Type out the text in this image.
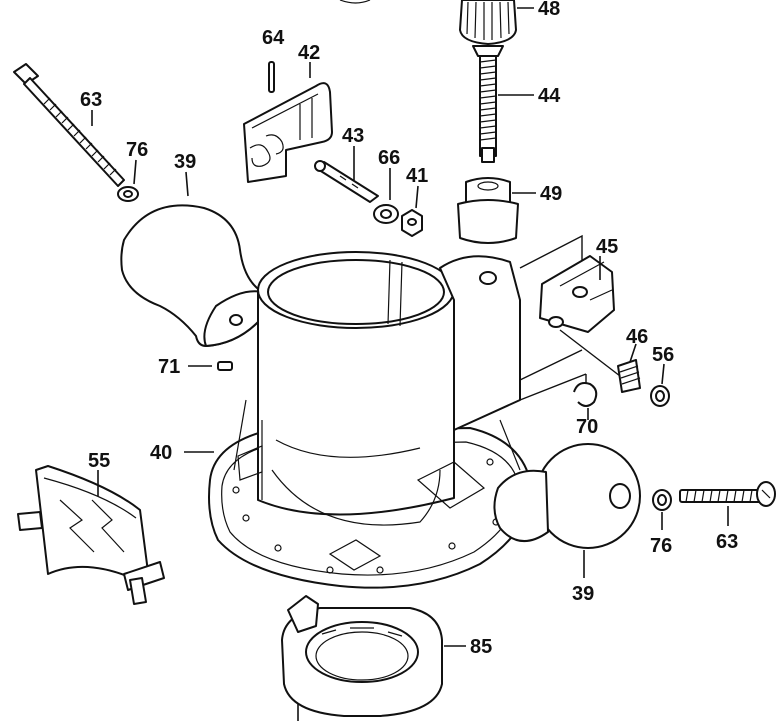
48
44
64
42
63
76
39
43
66
41
49
40
71
45
46
56
70
55
39
76 63
85
